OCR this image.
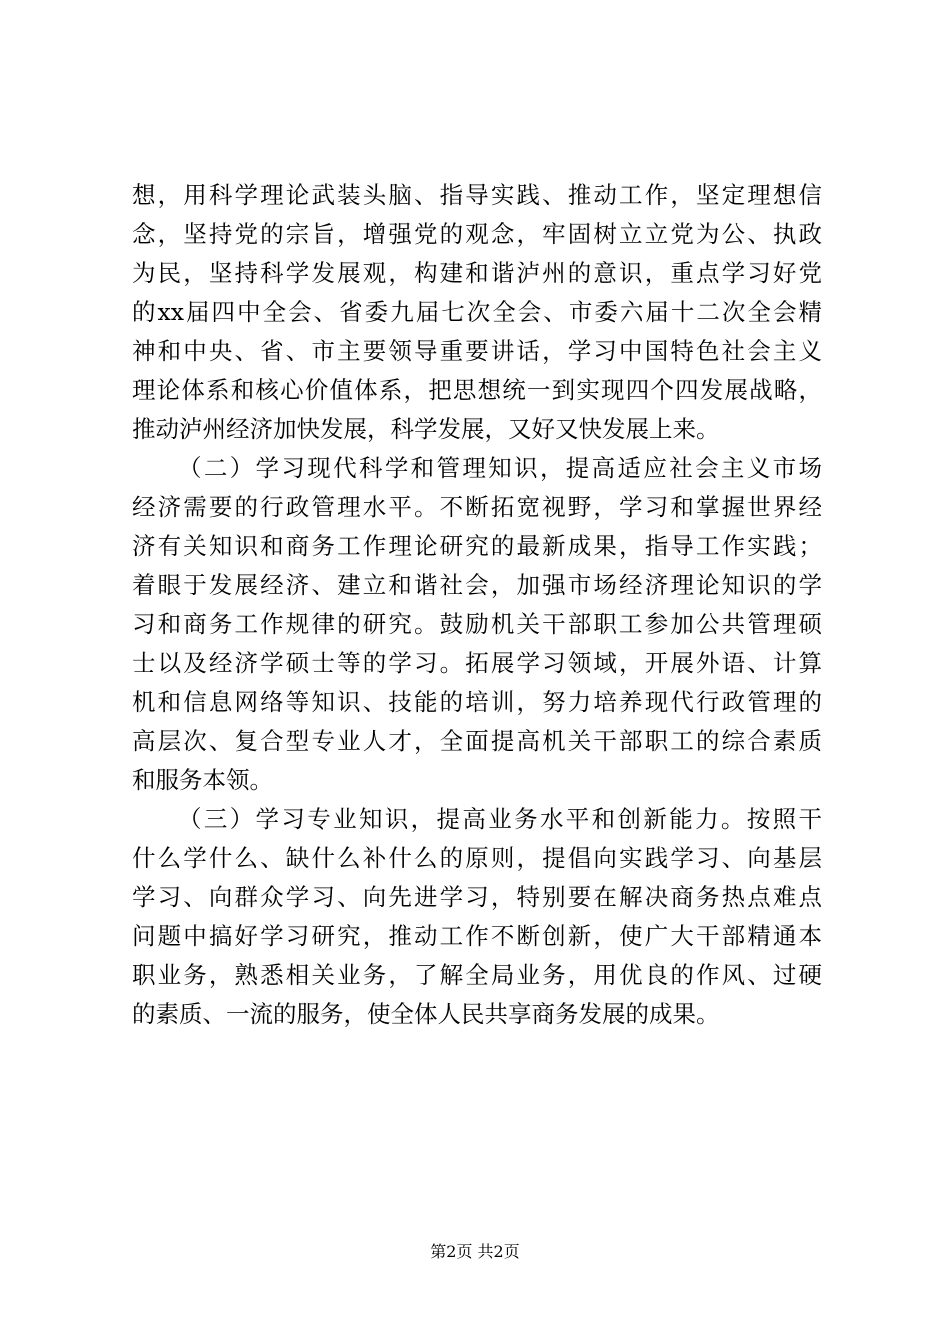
想，用科学理论武装头脑、指导实践、推动工作，坚定理想信
念，坚持党的宗旨，增强党的观念，牢固树立立党为公、执政
为民，坚持科学发展观，构建和谐泸州的意识，重点学习好党
的xx届四中全会、省委九届七次全会、市委六届十二次全会精
神和中央、省、市主要领导重要讲话，学习中国特色社会主义
理论体系和核心价值体系，把思想统一到实现四个四发展战略，
推动泸州经济加快发展，科学发展，又好又快发展上来。
（二）学习现代科学和管理知识，提高适应社会主义市场
经济需要的行政管理水平。不断拓宽视野，学习和掌握世界经
济有关知识和商务工作理论研究的最新成果，指导工作实践；
着眼于发展经济、建立和谐社会，加强市场经济理论知识的学
习和商务工作规律的研究。鼓励机关干部职工参加公共管理硕
士以及经济学硕士等的学习。拓展学习领域，开展外语、计算
机和信息网络等知识、技能的培训，努力培养现代行政管理的
高层次、复合型专业人才，全面提高机关干部职工的综合素质
和服务本领。
（三）学习专业知识，提高业务水平和创新能力。按照干
什么学什么、缺什么补什么的原则，提倡向实践学习、向基层
学习、向群众学习、向先进学习，特别要在解决商务热点难点
问题中搞好学习研究，推动工作不断创新，使广大干部精通本
职业务，熟悉相关业务，了解全局业务，用优良的作风、过硬
的素质、一流的服务，使全体人民共享商务发展的成果。
第2页 共2页
